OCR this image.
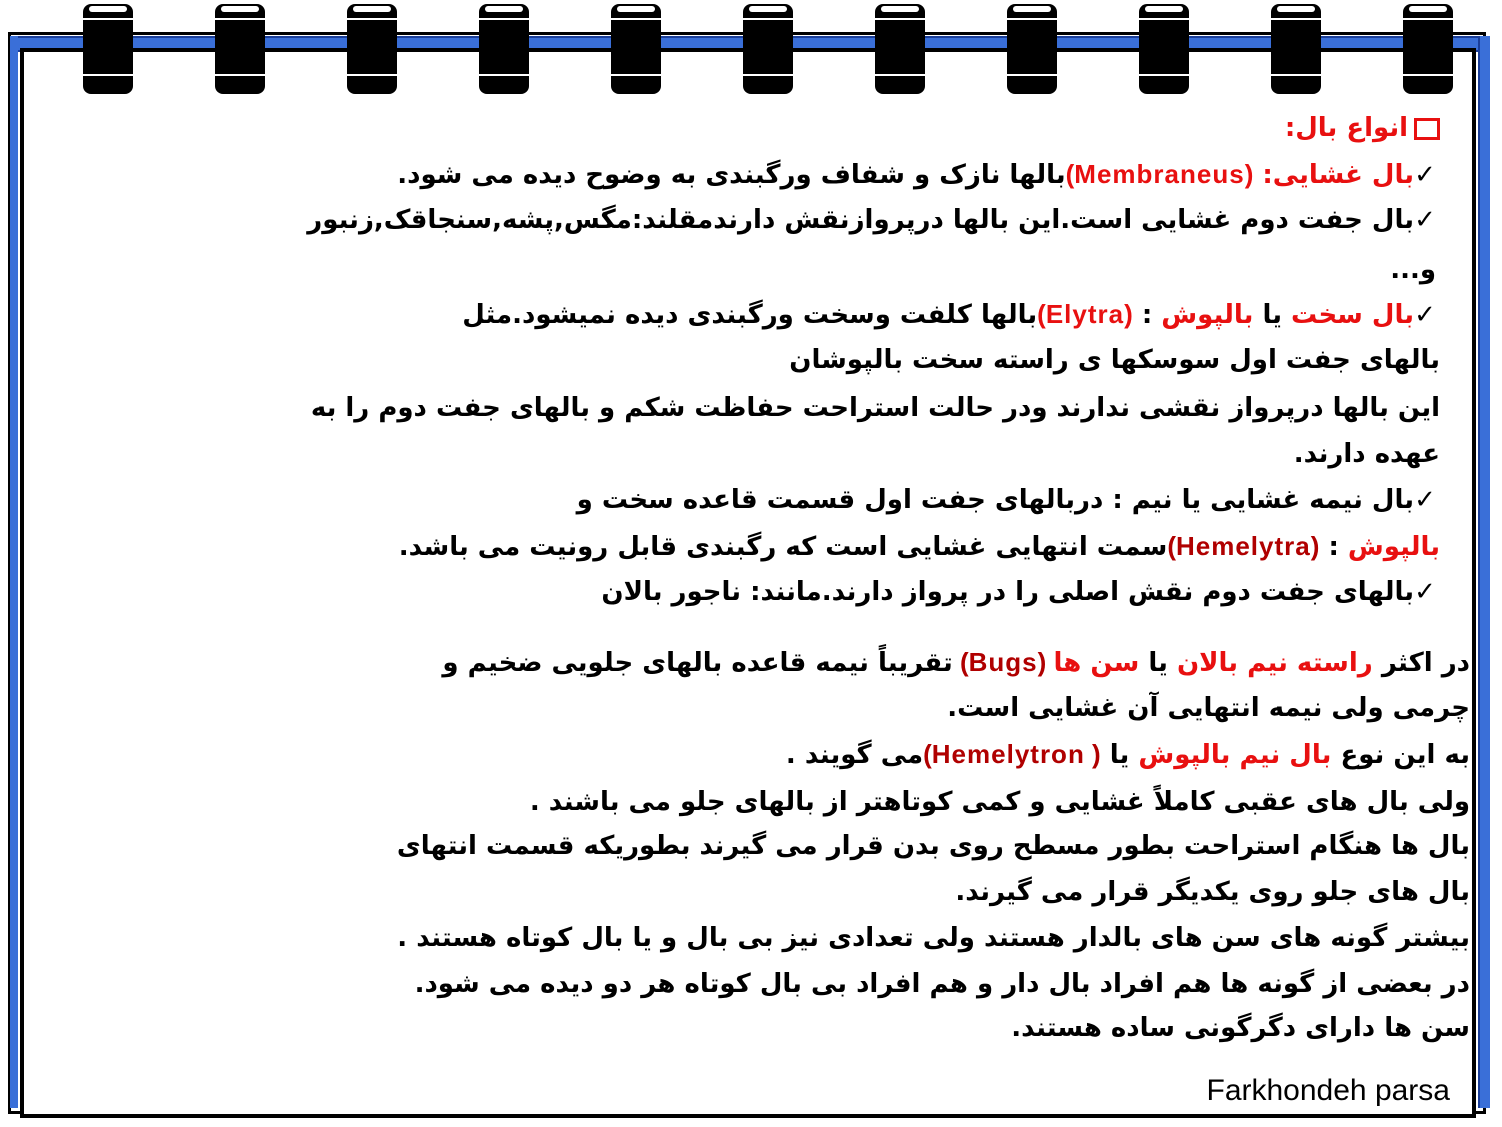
انواع بال:
✓بال غشایی: (Membraneus)بالها نازک و شفاف ورگبندی به وضوح دیده می شود.
✓بال جفت دوم غشایی است.این بالها درپروازنقش دارندمقلند:مگس,پشه,سنجاقک,زنبور
و...
✓بال سخت یا بالپوش : (Elytra)بالها کلفت وسخت ورگبندی دیده نمیشود.مثل
بالهای جفت اول سوسکها ی راسته سخت بالپوشان
این بالها درپرواز نقشی ندارند ودر حالت استراحت حفاظت شکم و بالهای جفت دوم را به
عهده دارند.
✓بال نیمه غشایی یا نیم : دربالهای جفت اول قسمت قاعده سخت و
بالپوش : (Hemelytra)سمت انتهایی غشایی است که رگبندی قابل رونیت می باشد.
✓بالهای جفت دوم نقش اصلی را در پرواز دارند.مانند: ناجور بالان
در اکثر راسته نیم بالان یا سن ها (Bugs) تقریباً نیمه قاعده بالهای جلویی ضخیم و
چرمی ولی نیمه انتهایی آن غشایی است.
به این نوع بال نیم بالپوش یا ( Hemelytron)می گویند .
ولی بال های عقبی کاملاً غشایی و کمی کوتاهتر از بالهای جلو می باشند .
بال ها هنگام استراحت بطور مسطح روی بدن قرار می گیرند بطوریکه قسمت انتهای
بال های جلو روی یکدیگر قرار می گیرند.
بیشتر گونه های سن های بالدار هستند ولی تعدادی نیز بی بال و یا بال کوتاه هستند .
در بعضی از گونه ها هم افراد بال دار و هم افراد بی بال کوتاه هر دو دیده می شود.
سن ها دارای دگرگونی ساده هستند.
Farkhondeh parsa
